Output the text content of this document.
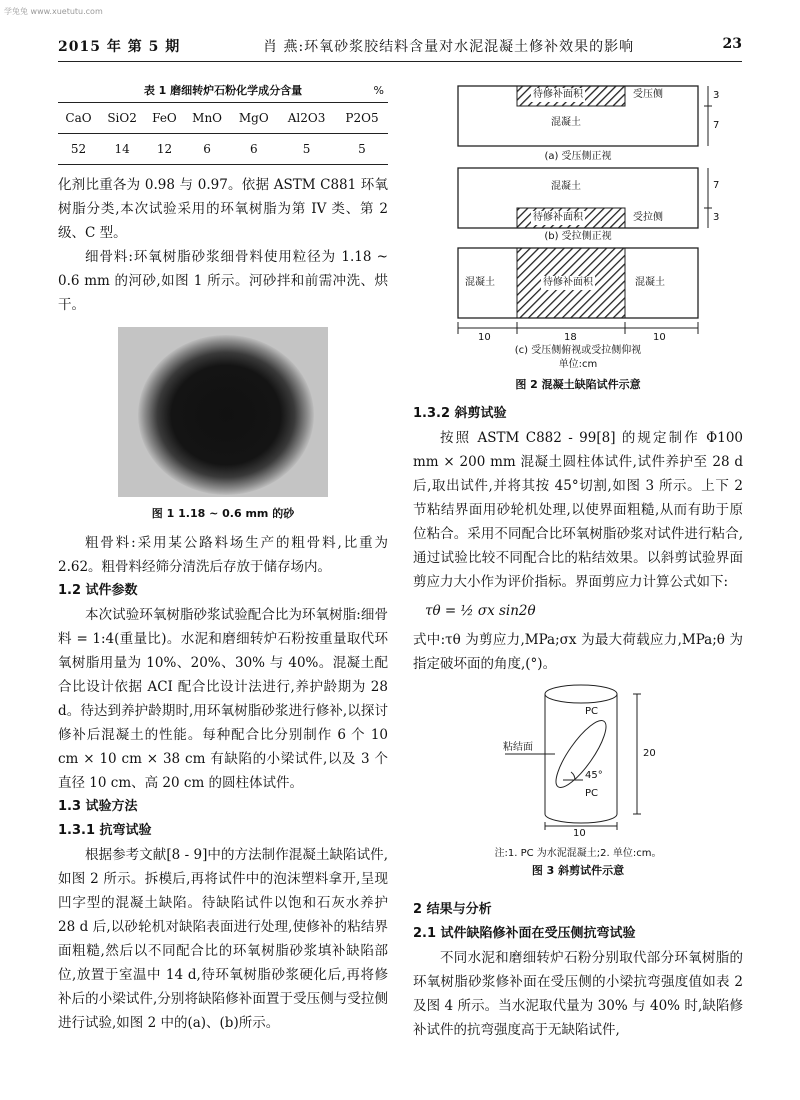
学兔兔 www.xuetutu.com
2015 年 第 5 期	肖 燕:环氧砂浆胶结料含量对水泥混凝土修补效果的影响	23
表 1 磨细转炉石粉化学成分含量	%
CaO	SiO2	FeO	MnO	MgO	Al2O3	P2O5
52	14	12	6	6	5	5

化剂比重各为 0.98 与 0.97。依据 ASTM C881 环氧树脂分类,本次试验采用的环氧树脂为第 IV 类、第 2 级、C 型。

细骨料:环氧树脂砂浆细骨料使用粒径为 1.18 ~ 0.6 mm 的河砂,如图 1 所示。河砂拌和前需冲洗、烘干。

图 1 1.18 ~ 0.6 mm 的砂

粗骨料:采用某公路料场生产的粗骨料,比重为 2.62。粗骨料经筛分清洗后存放于储存场内。

1.2 试件参数

本次试验环氧树脂砂浆试验配合比为环氧树脂:细骨料 = 1:4(重量比)。水泥和磨细转炉石粉按重量取代环氧树脂用量为 10%、20%、30% 与 40%。混凝土配合比设计依据 ACI 配合比设计法进行,养护龄期为 28 d。待达到养护龄期时,用环氧树脂砂浆进行修补,以探讨修补后混凝土的性能。每种配合比分别制作 6 个 10 cm × 10 cm × 38 cm 有缺陷的小梁试件,以及 3 个直径 10 cm、高 20 cm 的圆柱体试件。

1.3 试验方法
1.3.1 抗弯试验

根据参考文献[8 - 9]中的方法制作混凝土缺陷试件,如图 2 所示。拆模后,再将试件中的泡沫塑料拿开,呈现凹字型的混凝土缺陷。待缺陷试件以饱和石灰水养护 28 d 后,以砂轮机对缺陷表面进行处理,使修补的粘结界面粗糙,然后以不同配合比的环氧树脂砂浆填补缺陷部位,放置于室温中 14 d,待环氧树脂砂浆硬化后,再将修补后的小梁试件,分别将缺陷修补面置于受压侧与受拉侧进行试验,如图 2 中的(a)、(b)所示。

待修补面积	受压侧
混凝土
3
7
(a) 受压侧正视
混凝土
待修补面积	受拉侧
7
3
(b) 受拉侧正视
混凝土	待修补面积	混凝土
10	18	10
(c) 受压侧俯视或受拉侧仰视
单位:cm
图 2 混凝土缺陷试件示意
1.3.2 斜剪试验

按照 ASTM C882 - 99[8] 的规定制作 Φ100 mm × 200 mm 混凝土圆柱体试件,试件养护至 28 d 后,取出试件,并将其按 45°切割,如图 3 所示。上下 2 节粘结界面用砂轮机处理,以使界面粗糙,从而有助于原位粘合。采用不同配合比环氧树脂砂浆对试件进行粘合,通过试验比较不同配合比的粘结效果。以斜剪试验界面剪应力大小作为评价指标。界面剪应力计算公式如下:

τθ = ½ σx sin2θ

式中:τθ 为剪应力,MPa;σx 为最大荷载应力,MPa;θ 为指定破坏面的角度,(°)。

PC
PC
粘结面
45°
20
10
注:1. PC 为水泥混凝土;2. 单位:cm。
图 3 斜剪试件示意
2 结果与分析
2.1 试件缺陷修补面在受压侧抗弯试验

不同水泥和磨细转炉石粉分别取代部分环氧树脂的环氧树脂砂浆修补面在受压侧的小梁抗弯强度值如表 2 及图 4 所示。当水泥取代量为 30% 与 40% 时,缺陷修补试件的抗弯强度高于无缺陷试件,
